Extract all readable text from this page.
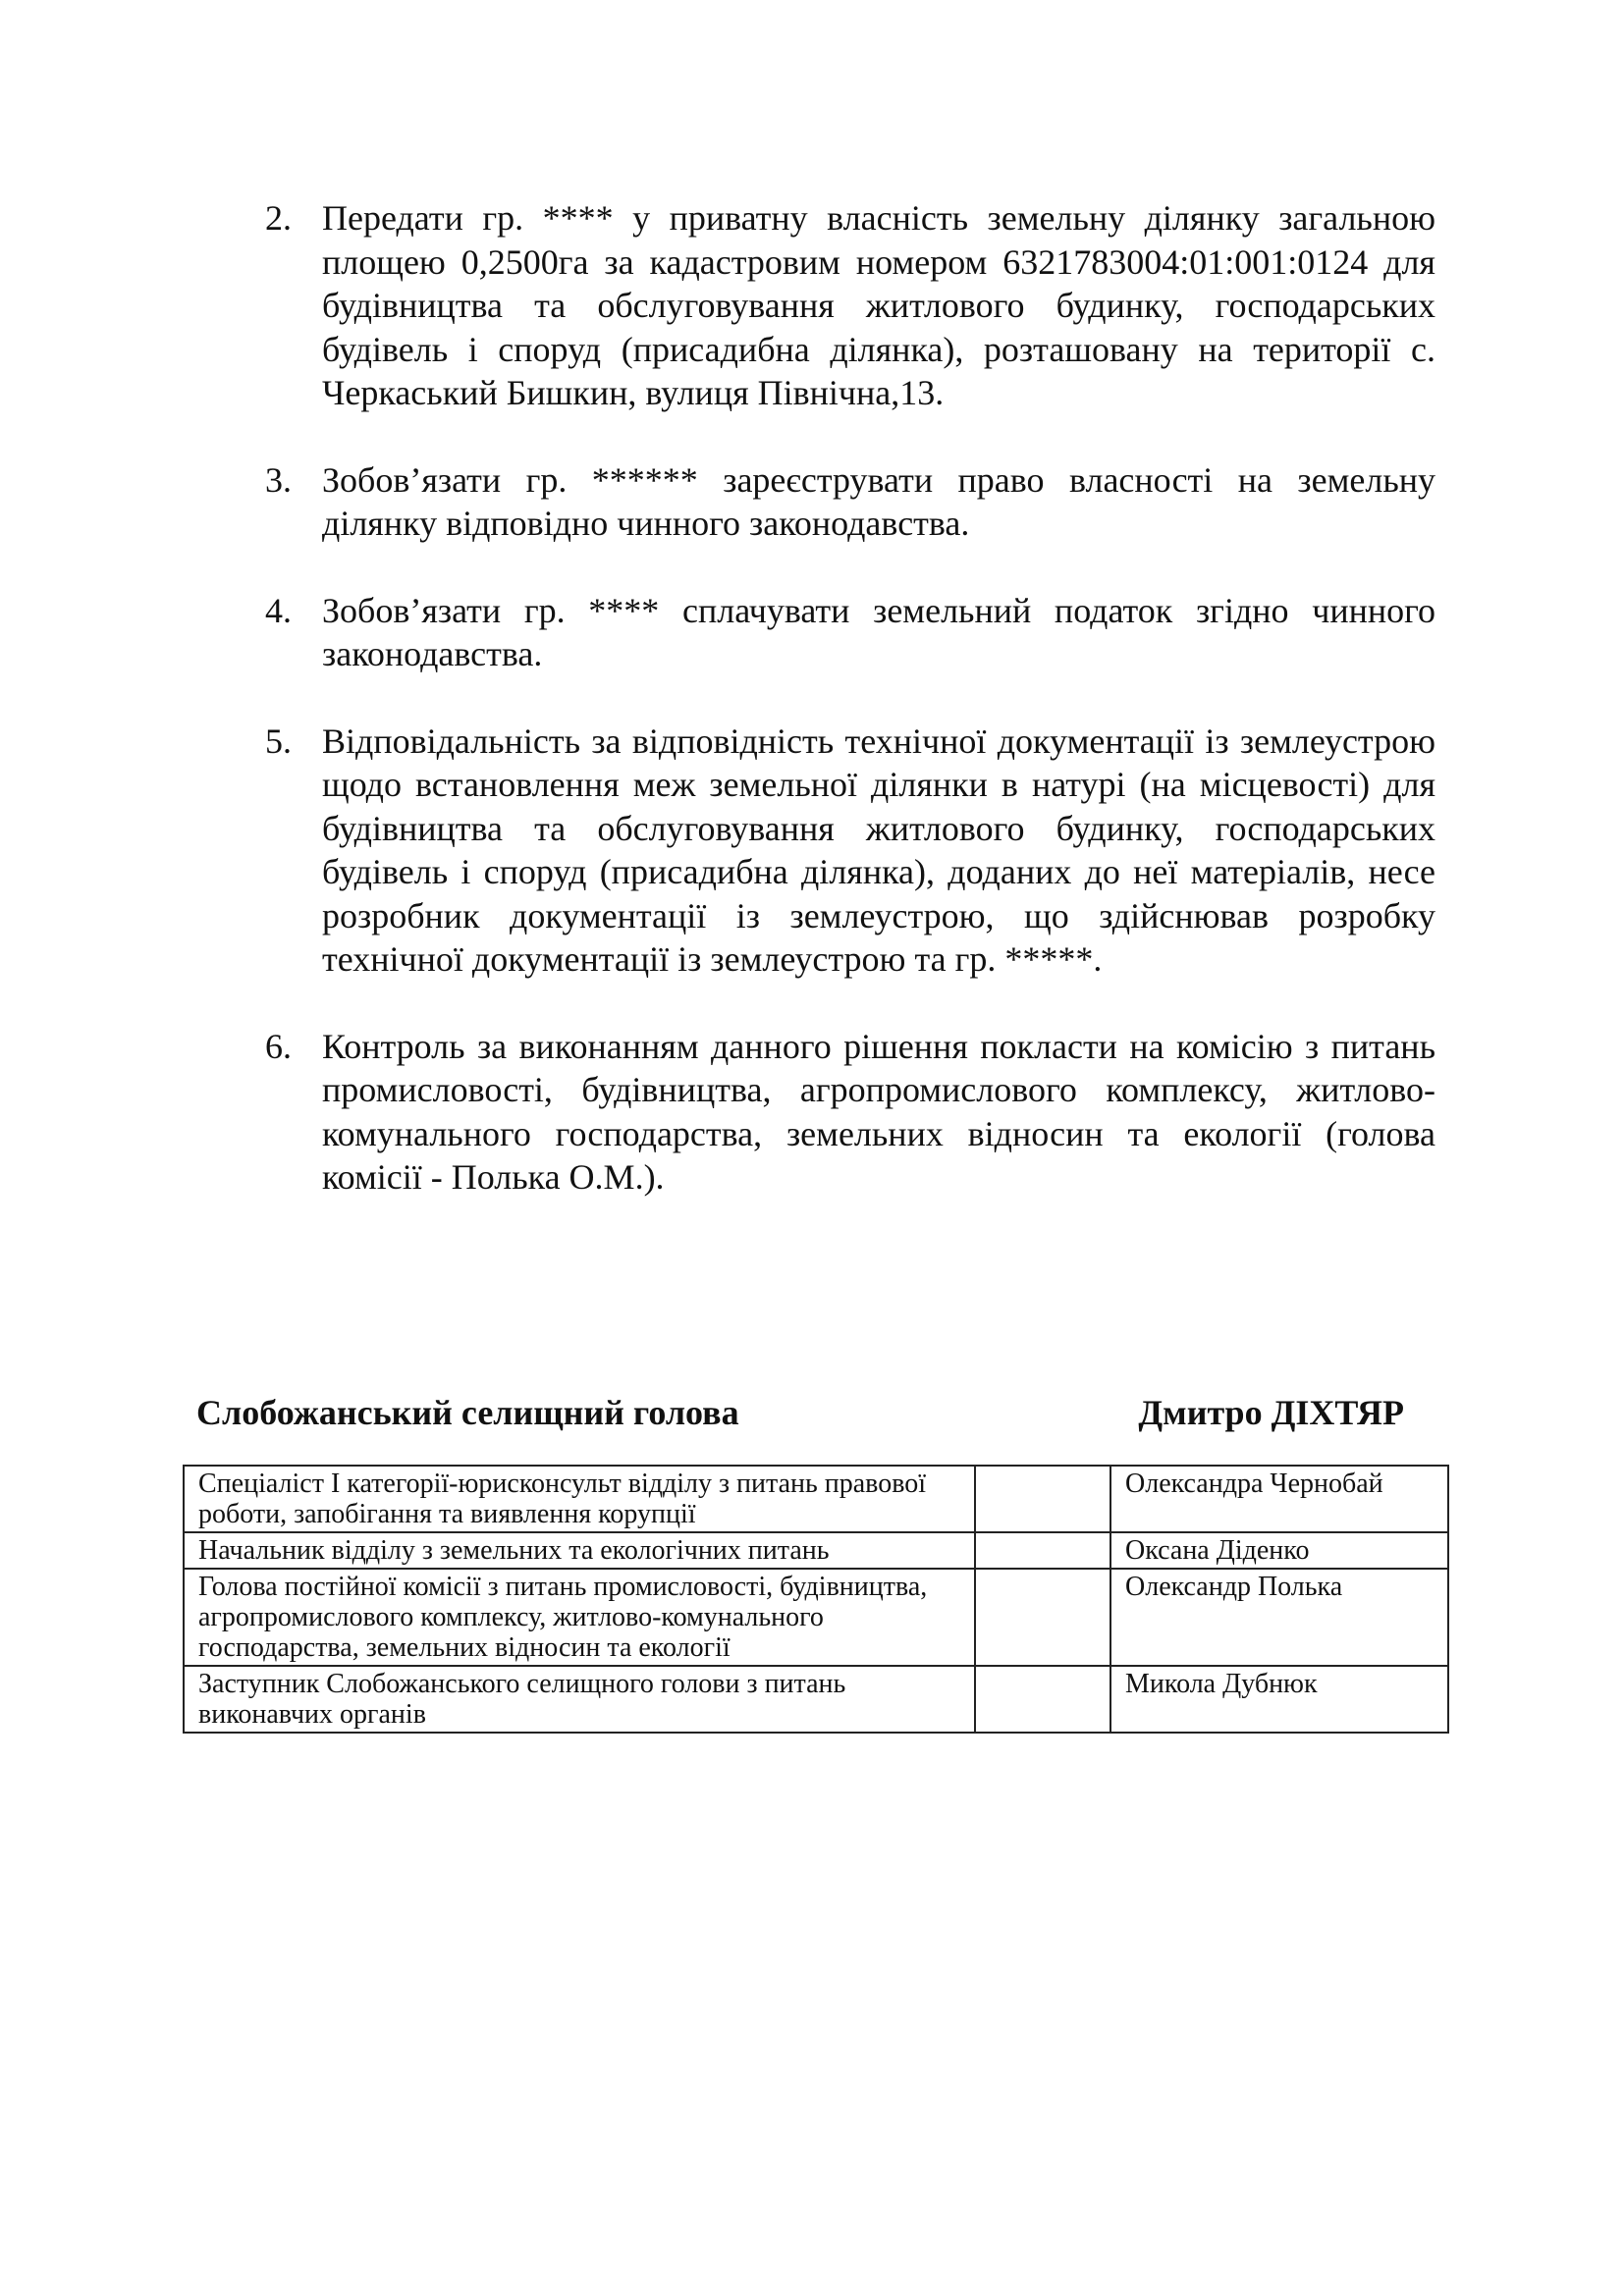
2. Передати гр. **** у приватну власність земельну ділянку загальною площею 0,2500га за кадастровим номером 6321783004:01:001:0124 для будівництва та обслуговування житлового будинку, господарських будівель і споруд (присадибна ділянка), розташовану на території с. Черкаський Бишкин, вулиця Північна,13.
3. Зобов’язати гр. ****** зареєструвати право власності на земельну ділянку відповідно чинного законодавства.
4. Зобов’язати гр. **** сплачувати земельний податок згідно чинного законодавства.
5. Відповідальність за відповідність технічної документації із землеустрою щодо встановлення меж земельної ділянки в натурі (на місцевості) для будівництва та обслуговування житлового будинку, господарських будівель і споруд (присадибна ділянка), доданих до неї матеріалів, несе розробник документації із землеустрою, що здійснював розробку технічної документації із землеустрою та гр. *****.
6. Контроль за виконанням данного рішення покласти на комісію з питань промисловості, будівництва, агропромислового комплексу, житлово-комунального господарства, земельних відносин та екології (голова комісії - Полька О.М.).
Слобожанський селищний голова	Дмитро ДІХТЯР
Спеціаліст І категорії-юрисконсульт відділу з питань правової роботи, запобігання та виявлення корупції		Олександра Чернобай
Начальник відділу з земельних та екологічних питань		Оксана Діденко
Голова постійної комісії з питань промисловості, будівництва, агропромислового комплексу, житлово-комунального господарства, земельних відносин та екології		Олександр Полька
Заступник Слобожанського селищного голови з питань виконавчих органів		Микола Дубнюк
